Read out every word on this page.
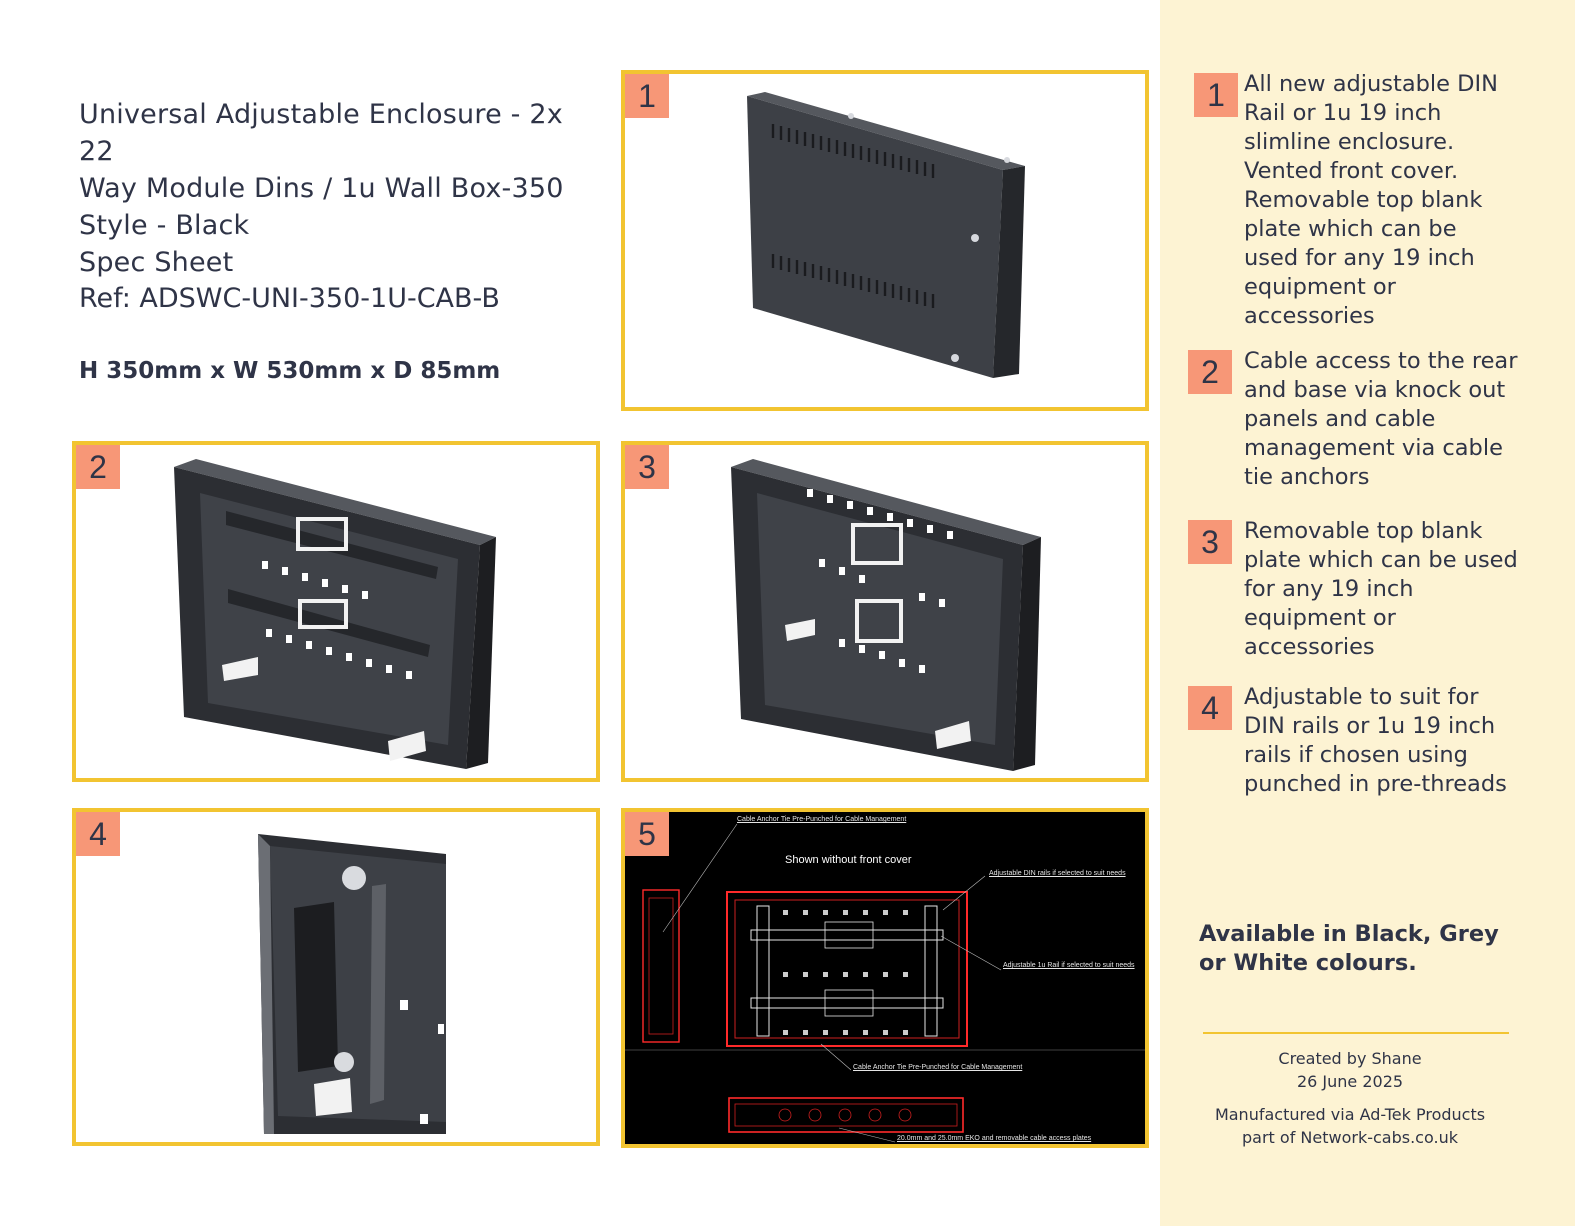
Universal Adjustable Enclosure - 2x 22
Way Module Dins / 1u Wall Box-350
Style - Black
Spec Sheet
Ref: ADSWC-UNI-350-1U-CAB-B
H 350mm x W 530mm x D 85mm
1
2	3
4	5	Cable Anchor Tie Pre-Punched for Cable Management
Shown without front cover
Adjustable DIN rails if selected to suit needs
Adjustable 1u Rail if selected to suit needs
Cable Anchor Tie Pre-Punched for Cable Management
20.0mm and 25.0mm EKO and removable cable access plates
1 All new adjustable DIN Rail or 1u 19 inch slimline enclosure. Vented front cover. Removable top blank plate which can be used for any 19 inch equipment or accessories
2	Cable access to the rear and base via knock out panels and cable management via cable tie anchors
3	Removable top blank plate which can be used for any 19 inch equipment or accessories
4	Adjustable to suit for DIN rails or 1u 19 inch rails if chosen using punched in pre-threads
Available in Black, Grey or White colours.
Created by Shane
26 June 2025
Manufactured via Ad-Tek Products
part of Network-cabs.co.uk
